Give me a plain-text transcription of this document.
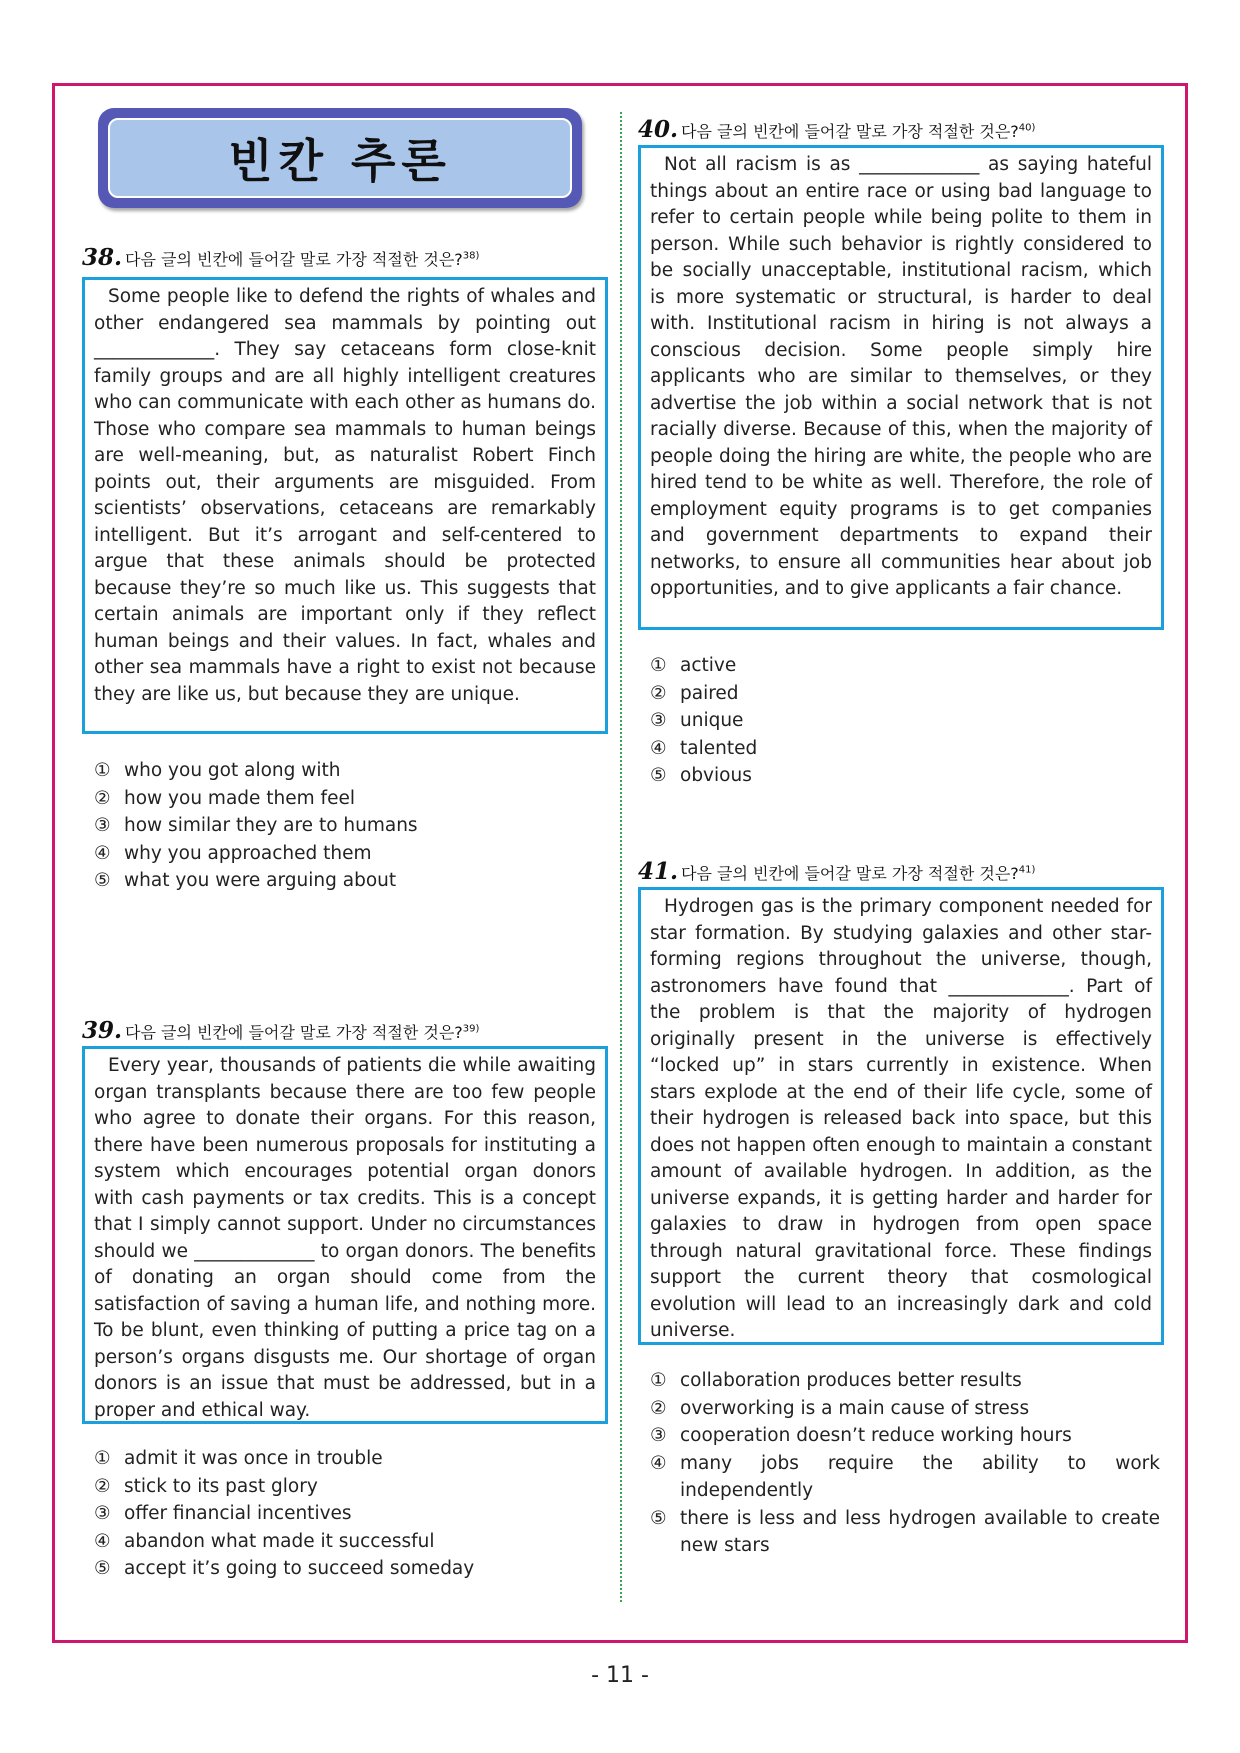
빈칸 추론
38. 다음 글의 빈칸에 들어갈 말로 가장 적절한 것은?$^{38)}$

Some people like to defend the rights of whales and other endangered sea mammals by pointing out _____________. They say cetaceans form close-knit family groups and are all highly intelligent creatures who can communicate with each other as humans do. Those who compare sea mammals to human beings are well-meaning, but, as naturalist Robert Finch points out, their arguments are misguided. From scientists’ observations, cetaceans are remarkably intelligent. But it’s arrogant and self-centered to argue that these animals should be protected because they’re so much like us. This suggests that certain animals are important only if they reflect human beings and their values. In fact, whales and other sea mammals have a right to exist not because they are like us, but because they are unique.

① who you got along with
② how you made them feel
③ how similar they are to humans
④ why you approached them
⑤ what you were arguing about
39. 다음 글의 빈칸에 들어갈 말로 가장 적절한 것은?$^{39)}$

Every year, thousands of patients die while awaiting organ transplants because there are too few people who agree to donate their organs. For this reason, there have been numerous proposals for instituting a system which encourages potential organ donors with cash payments or tax credits. This is a concept that I simply cannot support. Under no circumstances should we _____________ to organ donors. The benefits of donating an organ should come from the satisfaction of saving a human life, and nothing more. To be blunt, even thinking of putting a price tag on a person’s organs disgusts me. Our shortage of organ donors is an issue that must be addressed, but in a proper and ethical way.

① admit it was once in trouble
② stick to its past glory
③ offer financial incentives
④ abandon what made it successful
⑤ accept it’s going to succeed someday
40. 다음 글의 빈칸에 들어갈 말로 가장 적절한 것은?$^{40)}$

Not all racism is as _____________ as saying hateful things about an entire race or using bad language to refer to certain people while being polite to them in person. While such behavior is rightly considered to be socially unacceptable, institutional racism, which is more systematic or structural, is harder to deal with. Institutional racism in hiring is not always a conscious decision. Some people simply hire applicants who are similar to themselves, or they advertise the job within a social network that is not racially diverse. Because of this, when the majority of people doing the hiring are white, the people who are hired tend to be white as well. Therefore, the role of employment equity programs is to get companies and government departments to expand their networks, to ensure all communities hear about job opportunities, and to give applicants a fair chance.

① active
② paired
③ unique
④ talented
⑤ obvious
41. 다음 글의 빈칸에 들어갈 말로 가장 적절한 것은?$^{41)}$

Hydrogen gas is the primary component needed for star formation. By studying galaxies and other star-forming regions throughout the universe, though, astronomers have found that _____________. Part of the problem is that the majority of hydrogen originally present in the universe is effectively “locked up” in stars currently in existence. When stars explode at the end of their life cycle, some of their hydrogen is released back into space, but this does not happen often enough to maintain a constant amount of available hydrogen. In addition, as the universe expands, it is getting harder and harder for galaxies to draw in hydrogen from open space through natural gravitational force. These findings support the current theory that cosmological evolution will lead to an increasingly dark and cold universe.

① collaboration produces better results
② overworking is a main cause of stress
③ cooperation doesn’t reduce working hours
④ many jobs require the ability to work independently
⑤ there is less and less hydrogen available to create new stars
- 11 -
